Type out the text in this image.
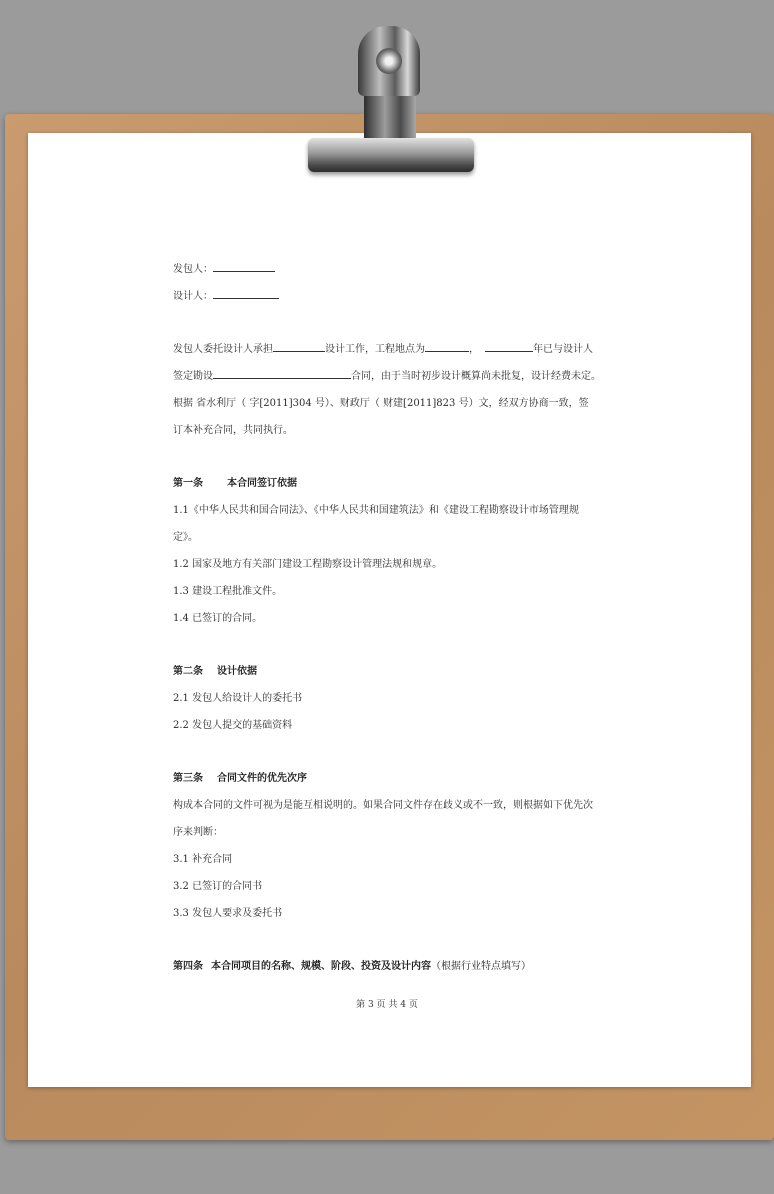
发包人：

设计人：

发包人委托设计人承担	设计工作，工程地点为	，	年已与设计人

签定勘设	合同，由于当时初步设计概算尚未批复，设计经费未定。

根据 省水利厅（ 字[2011]304 号）、财政厅（ 财建[2011]823 号）文，经双方协商一致，签

订本补充合同，共同执行。

第一条 本合同签订依据

1.1《中华人民共和国合同法》、《中华人民共和国建筑法》和《建设工程勘察设计市场管理规

定》。

1.2 国家及地方有关部门建设工程勘察设计管理法规和规章。

1.3 建设工程批准文件。

1.4 已签订的合同。

第二条 设计依据

2.1 发包人给设计人的委托书

2.2 发包人提交的基础资料

第三条 合同文件的优先次序

构成本合同的文件可视为是能互相说明的。如果合同文件存在歧义或不一致，则根据如下优先次

序来判断：

3.1 补充合同

3.2 已签订的合同书

3.3 发包人要求及委托书

第四条 本合同项目的名称、规模、阶段、投资及设计内容（根据行业特点填写）

第 3 页 共 4 页
